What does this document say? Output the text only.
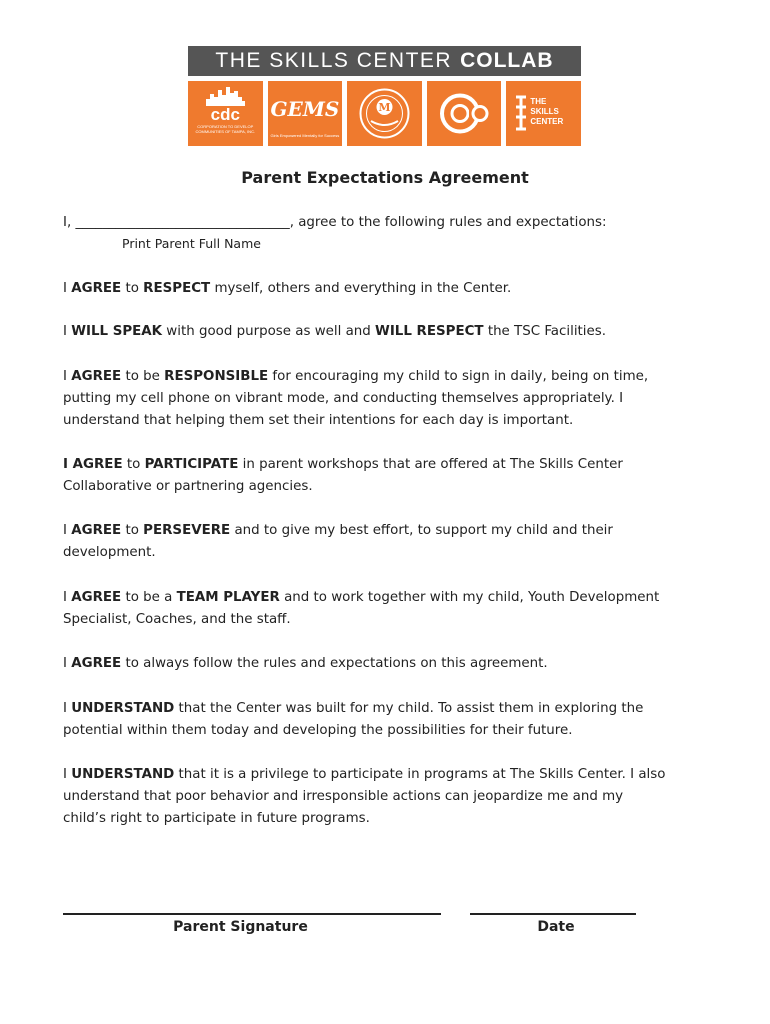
THE SKILLS CENTER COLLAB
cdc
CORPORATION TO DEVELOP COMMUNITIES OF TAMPA, INC.
GEMS
Girls Empowered Mentally for Success
M	THE SKILLS CENTER
Parent Expectations Agreement
I, ________________________________, agree to the following rules and expectations:
Print Parent Full Name
I AGREE to RESPECT myself, others and everything in the Center.
I WILL SPEAK with good purpose as well and WILL RESPECT the TSC Facilities.
I AGREE to be RESPONSIBLE for encouraging my child to sign in daily, being on time,
putting my cell phone on vibrant mode, and conducting themselves appropriately. I
understand that helping them set their intentions for each day is important.
I AGREE to PARTICIPATE in parent workshops that are offered at The Skills Center
Collaborative or partnering agencies.
I AGREE to PERSEVERE and to give my best effort, to support my child and their
development.
I AGREE to be a TEAM PLAYER and to work together with my child, Youth Development
Specialist, Coaches, and the staff.
I AGREE to always follow the rules and expectations on this agreement.
I UNDERSTAND that the Center was built for my child. To assist them in exploring the
potential within them today and developing the possibilities for their future.
I UNDERSTAND that it is a privilege to participate in programs at The Skills Center. I also
understand that poor behavior and irresponsible actions can jeopardize me and my
child’s right to participate in future programs.
Parent Signature	Date
